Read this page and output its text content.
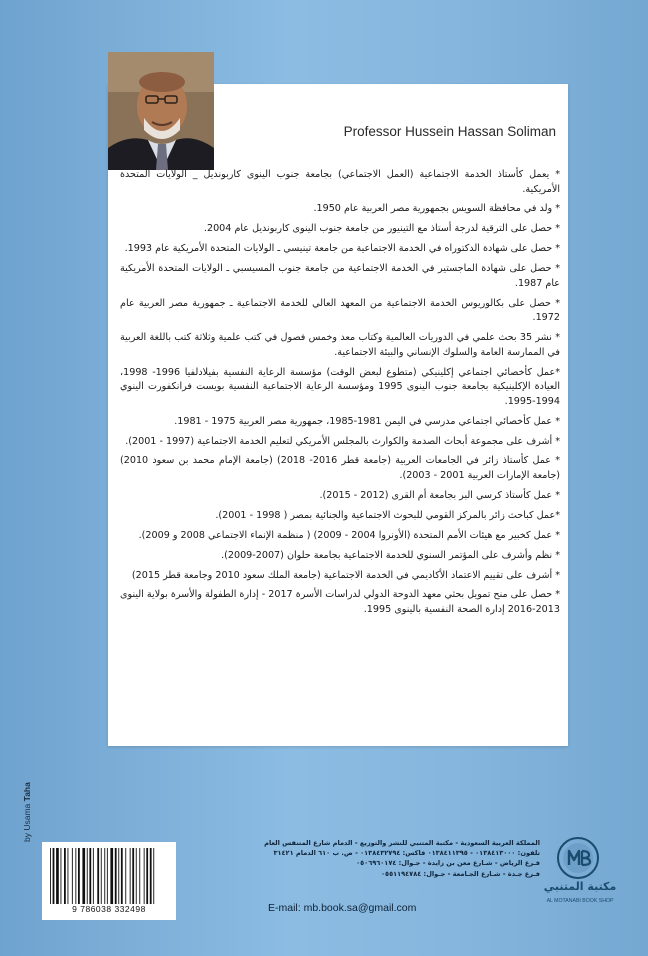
Professor Hussein Hassan Soliman

* يعمل كأستاذ الخدمة الاجتماعية (العمل الاجتماعي) بجامعة جنوب الينوى كاربونديل _ الولايات المتحدة الأمريكية.

* ولد في محافظة السويس بجمهورية مصر العربية عام 1950.

* حصل على الترقية لدرجة أستاذ مع التينيور من جامعة جنوب الينوى كاربونديل عام 2004.

* حصل على شهادة الدكتوراه في الخدمة الاجتماعية من جامعة تينيسي ـ الولايات المتحدة الأمريكية عام 1993.

* حصل على شهادة الماجستير في الخدمة الاجتماعية من جامعة جنوب المسيسبي ـ الولايات المتحدة الأمريكية عام 1987.

* حصل على بكالوريوس الخدمة الاجتماعية من المعهد العالي للخدمة الاجتماعية ـ جمهورية مصر العربية عام 1972.

* نشر 35 بحث علمي في الدوريات العالمية وكتاب معد وخمس فصول في كتب علمية وثلاثة كتب باللغة العربية في الممارسة العامة والسلوك الإنساني والبيئة الاجتماعية.

*عمل كأخصائي اجتماعي إكلينيكي (متطوع لبعض الوقت) مؤسسة الرعاية النفسية بفيلادلفيا 1996- 1998، العيادة الإكلينيكية بجامعة جنوب الينوى 1995 ومؤسسة الرعاية الاجتماعية النفسية بويست فرانكفورت الينوي 1994-1995.

* عمل كأخصائي اجتماعي مدرسي في اليمن 1981-1985، جمهورية مصر العربية 1975 - 1981.

* أشرف على مجموعة أبحاث الصدمة والكوارث بالمجلس الأمريكي لتعليم الخدمة الاجتماعية (1997 - 2001).

* عمل كأستاذ زائر في الجامعات العربية (جامعة قطر 2016- 2018) (جامعة الإمام محمد بن سعود 2010) (جامعة الإمارات العربية 2001 - 2003).

* عمل كأستاذ كرسي البر بجامعة أم القرى (2012 - 2015).

*عمل كباحث زائر بالمركز القومي للبحوث الاجتماعية والجنائية بمصر ( 1998 - 2001).

* عمل كخبير مع هيئات الأمم المتحدة (الأونروا 2004 - 2009) ( منظمة الإنماء الاجتماعي 2008 و 2009).

* نظم وأشرف على المؤتمر السنوي للخدمة الاجتماعية بجامعة حلوان (2007-2009).

* أشرف على تقييم الاعتماد الأكاديمي في الخدمة الاجتماعية (جامعة الملك سعود 2010 وجامعة قطر 2015)

* حصل على منح تمويل بحثي معهد الدوحة الدولي لدراسات الأسرة 2017 - إدارة الطفولة والأسرة بولاية الينوى 2013-2016 إدارة الصحة النفسية بالينوى 1995.

by Usama Taha
9 786038 332498
المملكة العربية السعودية - مكتبة المتنبي للنشر والتوزيع - الدمام شارع المتنفس العام
تلفون: ٠١٣٨٤١٣٠٠٠ - ٠١٣٨٤١١٣٩٥ فاكس: ٠١٣٨٤٣٢٧٩٤ - ص. ب ٦١٠ الدمام ٣١٤٢١
فـرع الرياض - شـارع معن بن زايدة - جـوال: ٠٥٠٦٩٦٠١٧٤
فـرع جـدة - شـارع الجـامعة - جـوال: ٠٥٥١١٩٤٧٨٤
E-mail: mb.book.sa@gmail.com
مكتبة المتنبي
AL MOTANABI BOOK SHOP
